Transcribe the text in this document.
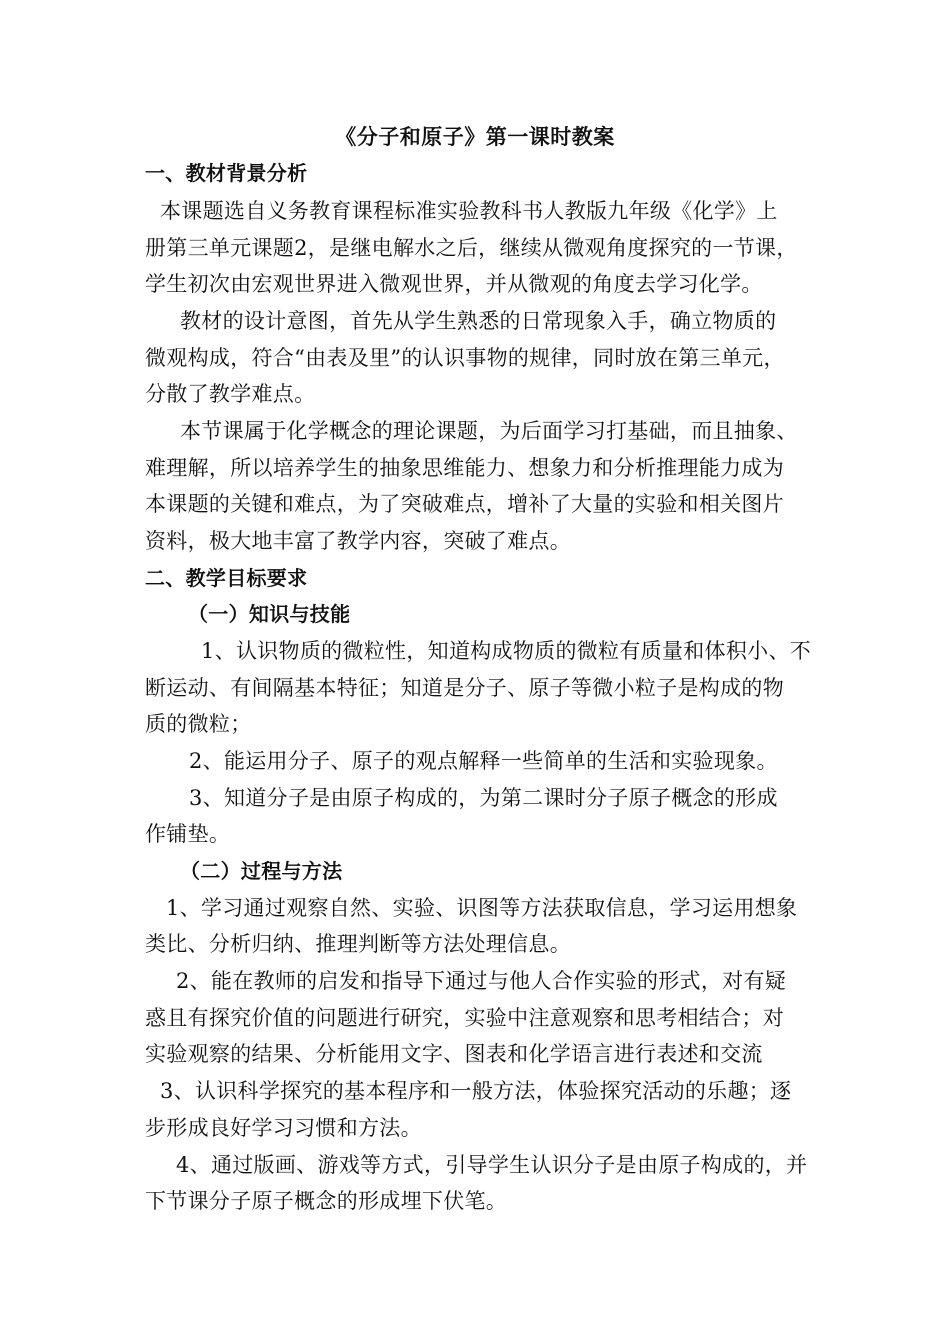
《分子和原子》第一课时教案
一、教材背景分析
本课题选自义务教育课程标准实验教科书人教版九年级《化学》上
册第三单元课题2，是继电解水之后，继续从微观角度探究的一节课，
学生初次由宏观世界进入微观世界，并从微观的角度去学习化学。
教材的设计意图，首先从学生熟悉的日常现象入手，确立物质的
微观构成，符合“由表及里”的认识事物的规律，同时放在第三单元，
分散了教学难点。
本节课属于化学概念的理论课题，为后面学习打基础，而且抽象、
难理解，所以培养学生的抽象思维能力、想象力和分析推理能力成为
本课题的关键和难点，为了突破难点，增补了大量的实验和相关图片
资料，极大地丰富了教学内容，突破了难点。
二、教学目标要求
（一）知识与技能
1、认识物质的微粒性，知道构成物质的微粒有质量和体积小、不
断运动、有间隔基本特征；知道是分子、原子等微小粒子是构成的物
质的微粒；
2、能运用分子、原子的观点解释一些简单的生活和实验现象。
3、知道分子是由原子构成的，为第二课时分子原子概念的形成
作铺垫。
（二）过程与方法
1、学习通过观察自然、实验、识图等方法获取信息，学习运用想象
类比、分析归纳、推理判断等方法处理信息。
2、能在教师的启发和指导下通过与他人合作实验的形式，对有疑
惑且有探究价值的问题进行研究，实验中注意观察和思考相结合；对
实验观察的结果、分析能用文字、图表和化学语言进行表述和交流
3、认识科学探究的基本程序和一般方法，体验探究活动的乐趣；逐
步形成良好学习习惯和方法。
4、通过版画、游戏等方式，引导学生认识分子是由原子构成的，并
下节课分子原子概念的形成埋下伏笔。
